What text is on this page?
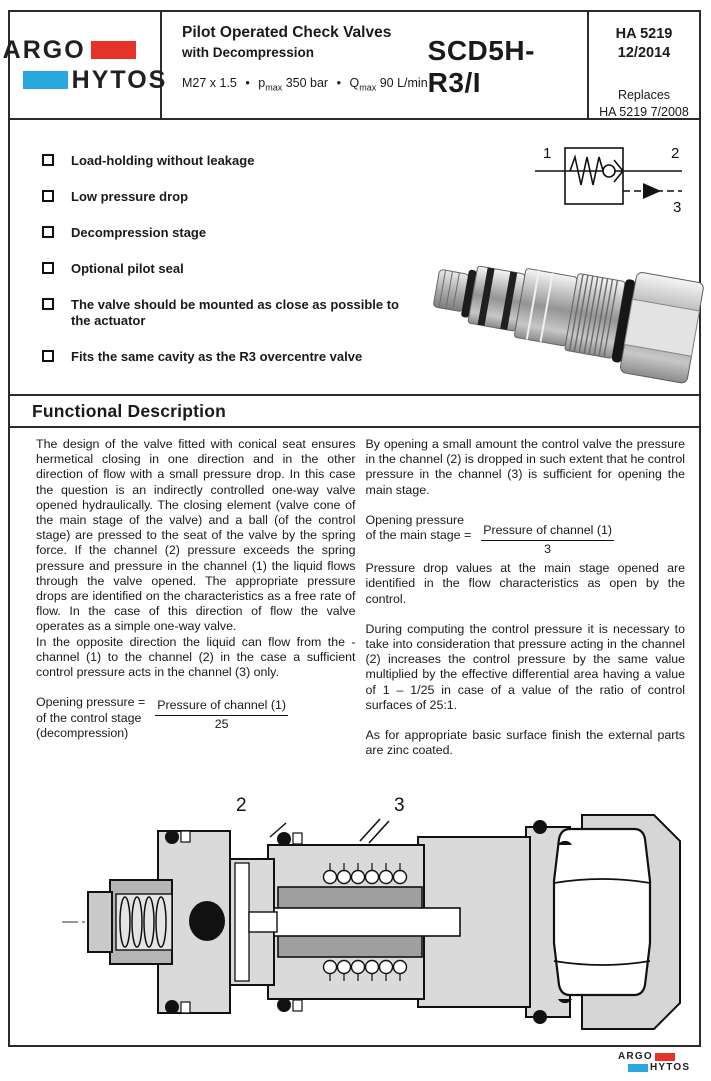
ARGO
HYTOS
Pilot Operated Check Valves
with Decompression
M27 x 1.5 • $p_{max}$ 350 bar • $Q_{max}$ 90 L/min
SCD5H-R3/I
HA 5219
12/2014
Replaces
HA 5219 7/2008
Load-holding without leakage
Low pressure drop
Decompression stage
Optional pilot seal
The valve should be mounted as close as possible to the actuator
Fits the same cavity as the R3 overcentre valve
1	2
3
Functional Description

The design of the valve fitted with conical seat ensures hermetical closing in one direction and in the other direction of flow with a small pressure drop. In this case the question is an indirectly controlled one-way valve opened hydraulically. The closing element (valve cone of the main stage of the valve) and a ball (of the control stage) are pressed to the seat of the valve by the spring force. If the channel (2) pressure exceeds the spring pressure and pressure in the channel (1) the liquid flows through the valve opened. The appropriate pressure drops are identified on the characteristics as a free rate of flow. In the case of this direction of flow the valve operates as a simple one-way valve.

In the opposite direction the liquid can flow from the -channel (1) to the channel (2) in the case a sufficient control pressure acts in the channel (3) only.

Opening pressure =
of the control stage
(decompression)
$\frac{\text{Pressure of channel (1)}}{25}$

By opening a small amount the control valve the pressure in the channel (2) is dropped in such extent that he control pressure in the channel (3) is sufficient for opening the main stage.

Opening pressure
of the main stage = $\frac{\text{Pressure of channel (1)}}{3}$

Pressure drop values at the main stage opened are identified in the flow characteristics as open by the control.

During computing the control pressure it is necessary to take into consideration that pressure acting in the channel (2) increases the control pressure by the same value multiplied by the effective differential area having a value of 1 – 1/25 in case of a value of the ratio of control surfaces of 25:1.

As for appropriate basic surface finish the external parts are zinc coated.

2	3
ARGO
HYTOS
